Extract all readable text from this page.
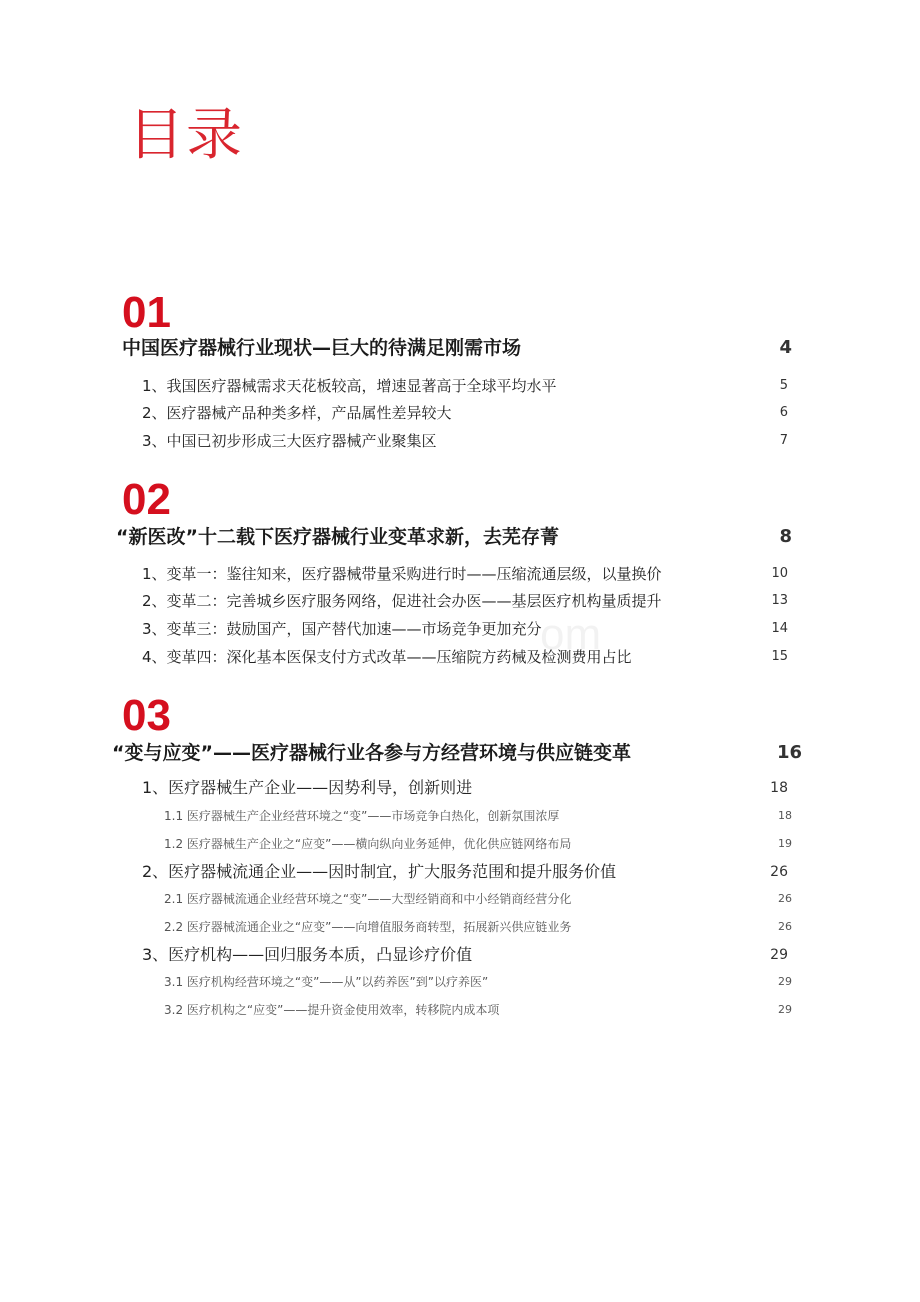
目录
om
01
中国医疗器械行业现状—巨大的待满足刚需市场	4
1、我国医疗器械需求天花板较高，增速显著高于全球平均水平	5
2、医疗器械产品种类多样，产品属性差异较大	6
3、中国已初步形成三大医疗器械产业聚集区	7
02
“新医改”十二载下医疗器械行业变革求新，去芜存菁	8
1、变革一：鉴往知来，医疗器械带量采购进行时——压缩流通层级，以量换价	10
2、变革二：完善城乡医疗服务网络，促进社会办医——基层医疗机构量质提升	13
3、变革三：鼓励国产，国产替代加速——市场竞争更加充分	14
4、变革四：深化基本医保支付方式改革——压缩院方药械及检测费用占比	15
03
“变与应变”——医疗器械行业各参与方经营环境与供应链变革	16
1、医疗器械生产企业——因势利导，创新则进	18
1.1 医疗器械生产企业经营环境之“变”——市场竞争白热化，创新氛围浓厚	18
1.2 医疗器械生产企业之“应变”——横向纵向业务延伸，优化供应链网络布局	19
2、医疗器械流通企业——因时制宜，扩大服务范围和提升服务价值	26
2.1 医疗器械流通企业经营环境之“变”——大型经销商和中小经销商经营分化	26
2.2 医疗器械流通企业之“应变”——向增值服务商转型，拓展新兴供应链业务	26
3、医疗机构——回归服务本质，凸显诊疗价值	29
3.1 医疗机构经营环境之“变”——从”以药养医”到”以疗养医”	29
3.2 医疗机构之“应变”——提升资金使用效率，转移院内成本项	29
